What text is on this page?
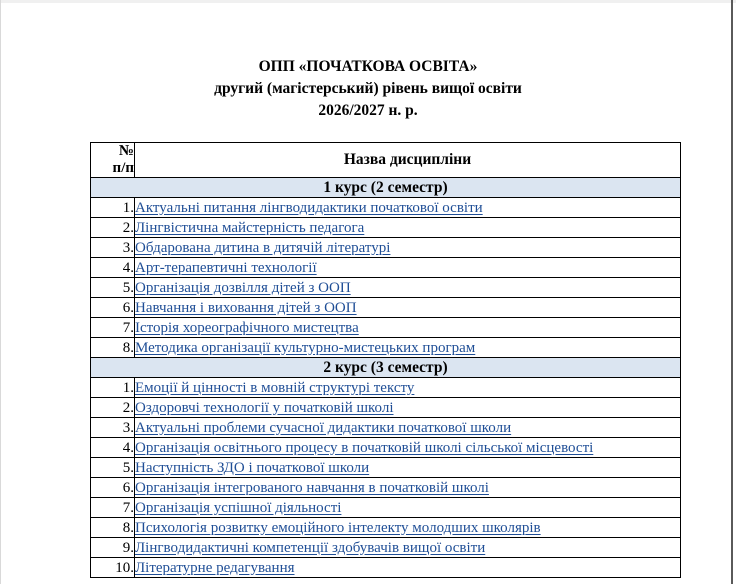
ОПП «ПОЧАТКОВА ОСВІТА»
другий (магістерський) рівень вищої освіти
2026/2027 н. р.
№
п/п	Назва дисципліни
1 курс (2 семестр)	
1.	Актуальні питання лінгводидактики початкової освіти
2.	Лінгвістична майстерність педагога
3.	Обдарована дитина в дитячій літературі
4.	Арт-терапевтичні технології
5.	Організація дозвілля дітей з ООП
6.	Навчання і виховання дітей з ООП
7.	Історія хореографічного мистецтва
8.	Методика організації культурно-мистецьких програм
2 курс (3 семестр)	
1.	Емоції й цінності в мовній структурі тексту
2.	Оздоровчі технології у початковій школі
3.	Актуальні проблеми сучасної дидактики початкової школи
4.	Організація освітнього процесу в початковій школі сільської місцевості
5.	Наступність ЗДО і початкової школи
6.	Організація інтегрованого навчання в початковій школі
7.	Організація успішної діяльності
8.	Психологія розвитку емоційного інтелекту молодших школярів
9.	Лінгводидактичні компетенції здобувачів вищої освіти
10.	Літературне редагування
